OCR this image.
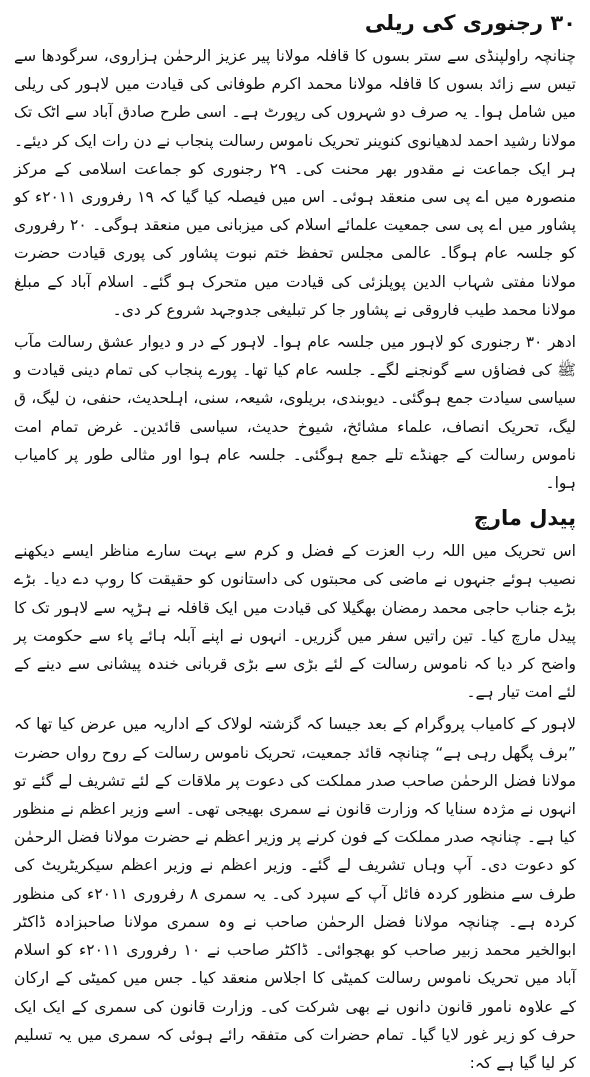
۳۰ رجنوری کی ریلی

چنانچہ راولپنڈی سے ستر بسوں کا قافلہ مولانا پیر عزیز الرحمٰن ہزاروی، سرگودھا سے تیس سے زائد بسوں کا قافلہ مولانا محمد اکرم طوفانی کی قیادت میں لاہور کی ریلی میں شامل ہوا۔ یہ صرف دو شہروں کی رپورٹ ہے۔ اسی طرح صادق آباد سے اٹک تک مولانا رشید احمد لدھیانوی کنوینر تحریک ناموس رسالت پنجاب نے دن رات ایک کر دیئے۔ ہر ایک جماعت نے مقدور بھر محنت کی۔ ۲۹ رجنوری کو جماعت اسلامی کے مرکز منصورہ میں اے پی سی منعقد ہوئی۔ اس میں فیصلہ کیا گیا کہ ۱۹ رفروری ۲۰۱۱ء کو پشاور میں اے پی سی جمعیت علمائے اسلام کی میزبانی میں منعقد ہوگی۔ ۲۰ رفروری کو جلسہ عام ہوگا۔ عالمی مجلس تحفظ ختم نبوت پشاور کی پوری قیادت حضرت مولانا مفتی شہاب الدین پوپلزئی کی قیادت میں متحرک ہو گئے۔ اسلام آباد کے مبلغ مولانا محمد طیب فاروقی نے پشاور جا کر تبلیغی جدوجہد شروع کر دی۔

ادھر ۳۰ رجنوری کو لاہور میں جلسہ عام ہوا۔ لاہور کے در و دیوار عشق رسالت مآب ﷺ کی فضاؤں سے گونجنے لگے۔ جلسہ عام کیا تھا۔ پورے پنجاب کی تمام دینی قیادت و سیاسی سیادت جمع ہوگئی۔ دیوبندی، بریلوی، شیعہ، سنی، اہلحدیث، حنفی، ن لیگ، ق لیگ، تحریک انصاف، علماء مشائخ، شیوخ حدیث، سیاسی قائدین۔ غرض تمام امت ناموس رسالت کے جھنڈے تلے جمع ہوگئی۔ جلسہ عام ہوا اور مثالی طور پر کامیاب ہوا۔

پیدل مارچ

اس تحریک میں اللہ رب العزت کے فضل و کرم سے بہت سارے مناظر ایسے دیکھنے نصیب ہوئے جنہوں نے ماضی کی محبتوں کی داستانوں کو حقیقت کا روپ دے دیا۔ بڑے بڑے جناب حاجی محمد رمضان بھگیلا کی قیادت میں ایک قافلہ نے ہڑپہ سے لاہور تک کا پیدل مارچ کیا۔ تین راتیں سفر میں گزریں۔ انہوں نے اپنے آبلہ ہائے پاء سے حکومت پر واضح کر دیا کہ ناموس رسالت کے لئے بڑی سے بڑی قربانی خندہ پیشانی سے دینے کے لئے امت تیار ہے۔

لاہور کے کامیاب پروگرام کے بعد جیسا کہ گزشتہ لولاک کے اداریہ میں عرض کیا تھا کہ ”برف پگھل رہی ہے“ چنانچہ قائد جمعیت، تحریک ناموس رسالت کے روح رواں حضرت مولانا فضل الرحمٰن صاحب صدر مملکت کی دعوت پر ملاقات کے لئے تشریف لے گئے تو انہوں نے مژدہ سنایا کہ وزارت قانون نے سمری بھیجی تھی۔ اسے وزیر اعظم نے منظور کیا ہے۔ چنانچہ صدر مملکت کے فون کرنے پر وزیر اعظم نے حضرت مولانا فضل الرحمٰن کو دعوت دی۔ آپ وہاں تشریف لے گئے۔ وزیر اعظم نے وزیر اعظم سیکریٹریٹ کی طرف سے منظور کردہ فائل آپ کے سپرد کی۔ یہ سمری ۸ رفروری ۲۰۱۱ء کی منظور کردہ ہے۔ چنانچہ مولانا فضل الرحمٰن صاحب نے وہ سمری مولانا صاحبزادہ ڈاکٹر ابوالخیر محمد زبیر صاحب کو بھجوائی۔ ڈاکٹر صاحب نے ۱۰ رفروری ۲۰۱۱ء کو اسلام آباد میں تحریک ناموس رسالت کمیٹی کا اجلاس منعقد کیا۔ جس میں کمیٹی کے ارکان کے علاوہ نامور قانون دانوں نے بھی شرکت کی۔ وزارت قانون کی سمری کے ایک ایک حرف کو زیر غور لایا گیا۔ تمام حضرات کی متفقہ رائے ہوئی کہ سمری میں یہ تسلیم کر لیا گیا ہے کہ:
